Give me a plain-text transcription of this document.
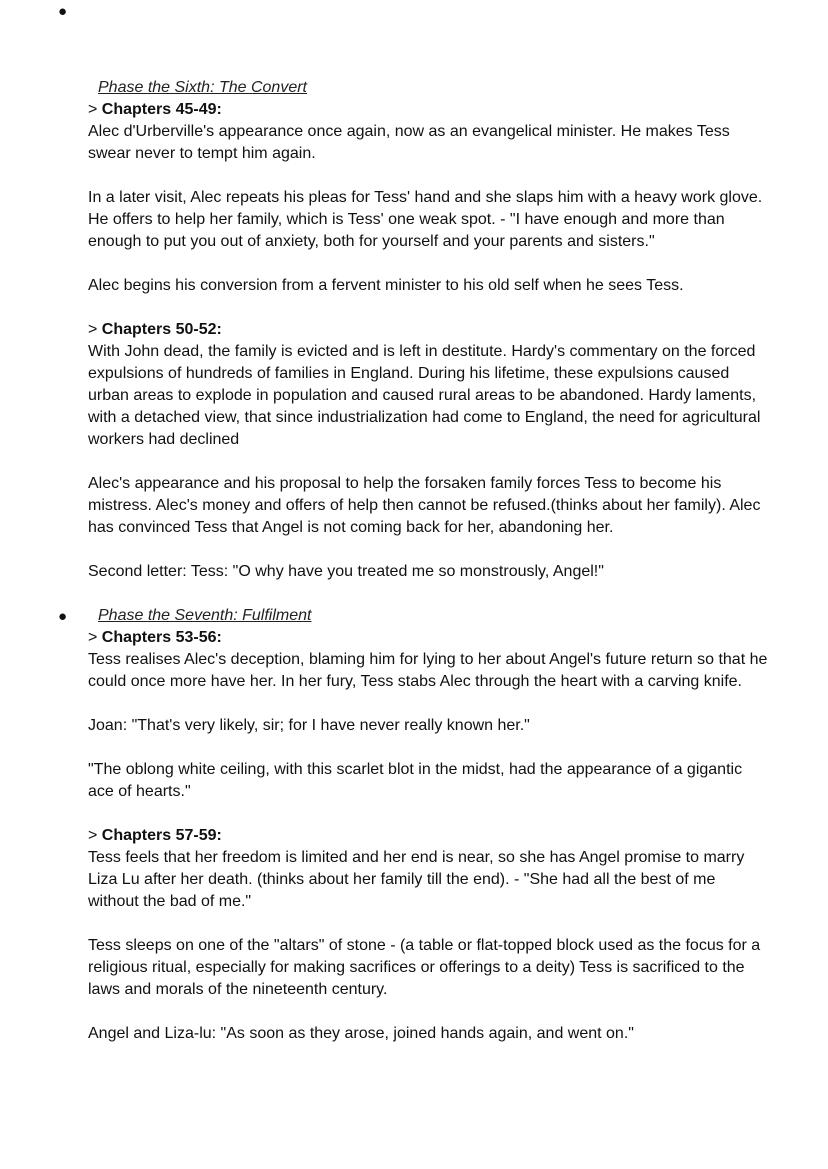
●
Phase the Sixth: The Convert

> Chapters 45-49:

Alec d'Urberville's appearance once again, now as an evangelical minister. He makes Tess swear never to tempt him again.

In a later visit, Alec repeats his pleas for Tess' hand and she slaps him with a heavy work glove. He offers to help her family, which is Tess' one weak spot. - "I have enough and more than enough to put you out of anxiety, both for yourself and your parents and sisters."

Alec begins his conversion from a fervent minister to his old self when he sees Tess.

> Chapters 50-52:

With John dead, the family is evicted and is left in destitute. Hardy's commentary on the forced expulsions of hundreds of families in England. During his lifetime, these expulsions caused urban areas to explode in population and caused rural areas to be abandoned. Hardy laments, with a detached view, that since industrialization had come to England, the need for agricultural workers had declined

Alec's appearance and his proposal to help the forsaken family forces Tess to become his mistress. Alec's money and offers of help then cannot be refused.(thinks about her family). Alec has convinced Tess that Angel is not coming back for her, abandoning her.

Second letter: Tess: "O why have you treated me so monstrously, Angel!"

● Phase the Seventh: Fulfilment

> Chapters 53-56:

Tess realises Alec's deception, blaming him for lying to her about Angel's future return so that he could once more have her. In her fury, Tess stabs Alec through the heart with a carving knife.

Joan: "That's very likely, sir; for I have never really known her."

"The oblong white ceiling, with this scarlet blot in the midst, had the appearance of a gigantic ace of hearts."

> Chapters 57-59:

Tess feels that her freedom is limited and her end is near, so she has Angel promise to marry Liza Lu after her death. (thinks about her family till the end). - "She had all the best of me without the bad of me."

Tess sleeps on one of the "altars" of stone - (a table or flat-topped block used as the focus for a religious ritual, especially for making sacrifices or offerings to a deity) Tess is sacrificed to the laws and morals of the nineteenth century.

Angel and Liza-lu: "As soon as they arose, joined hands again, and went on."
